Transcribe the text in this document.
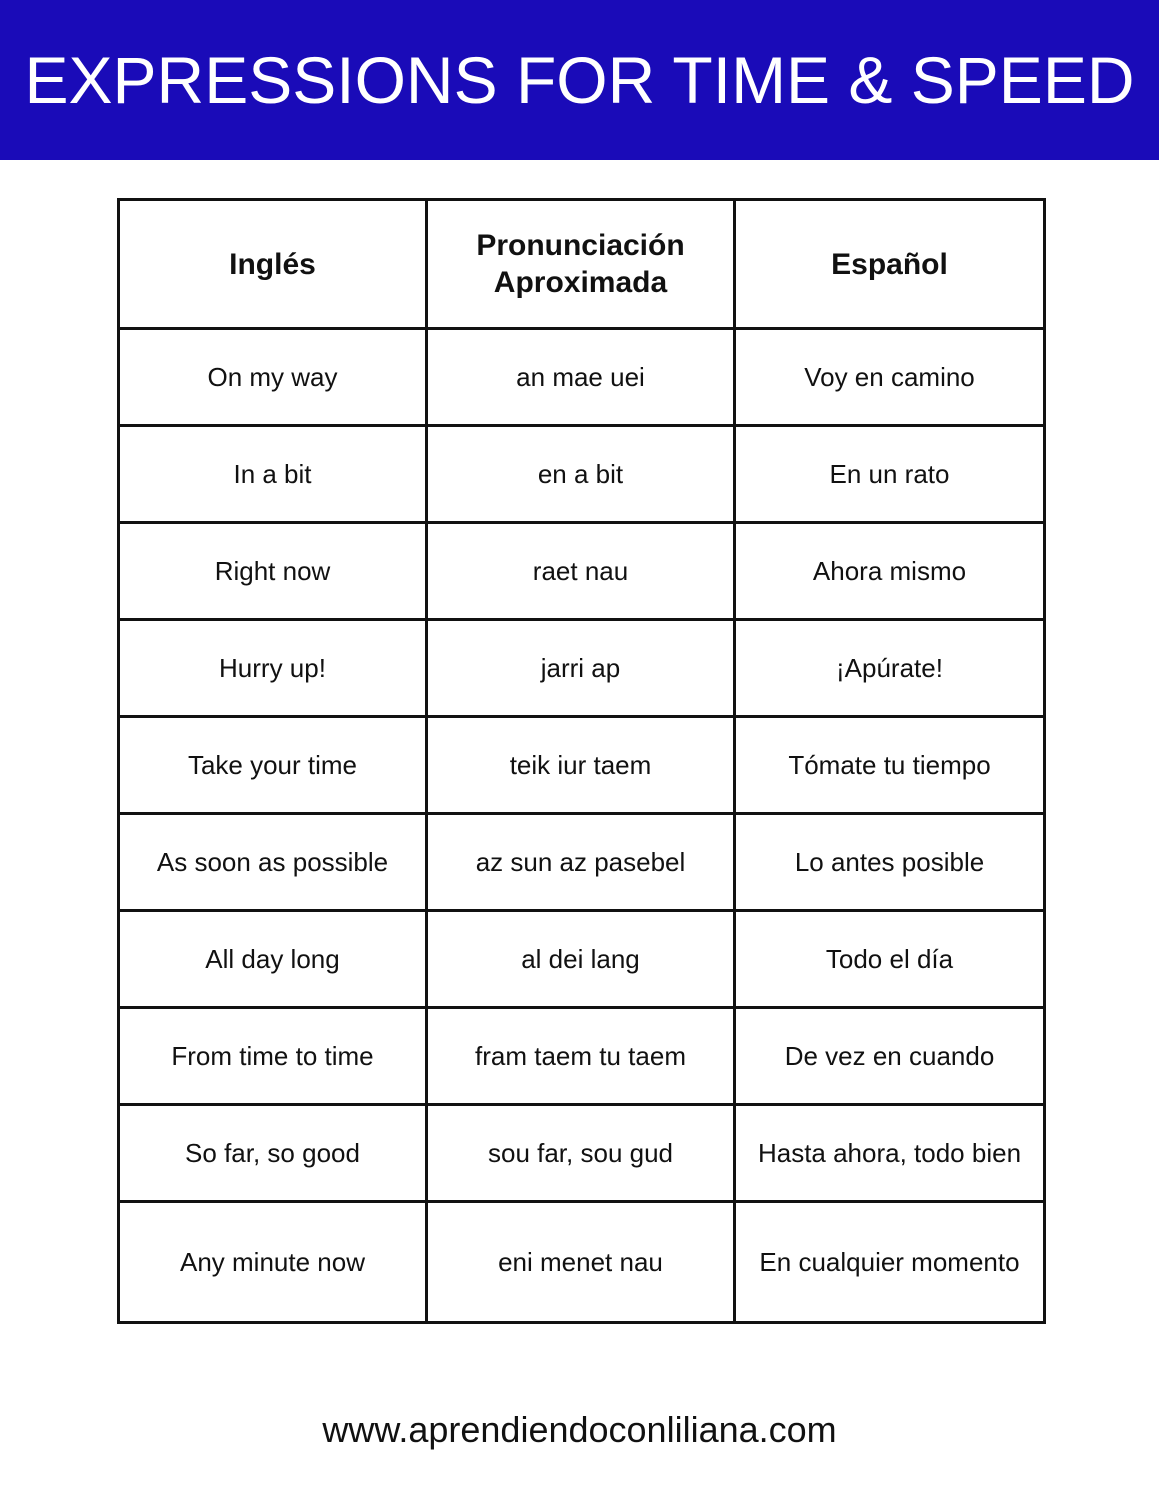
EXPRESSIONS FOR TIME & SPEED
Inglés	Pronunciación Aproximada	Español
On my way	an mae uei	Voy en camino
In a bit	en a bit	En un rato
Right now	raet nau	Ahora mismo
Hurry up!	jarri ap	¡Apúrate!
Take your time	teik iur taem	Tómate tu tiempo
As soon as possible	az sun az pasebel	Lo antes posible
All day long	al dei lang	Todo el día
From time to time	fram taem tu taem	De vez en cuando
So far, so good	sou far, sou gud	Hasta ahora, todo bien
Any minute now	eni menet nau	En cualquier momento
www.aprendiendoconliliana.com
